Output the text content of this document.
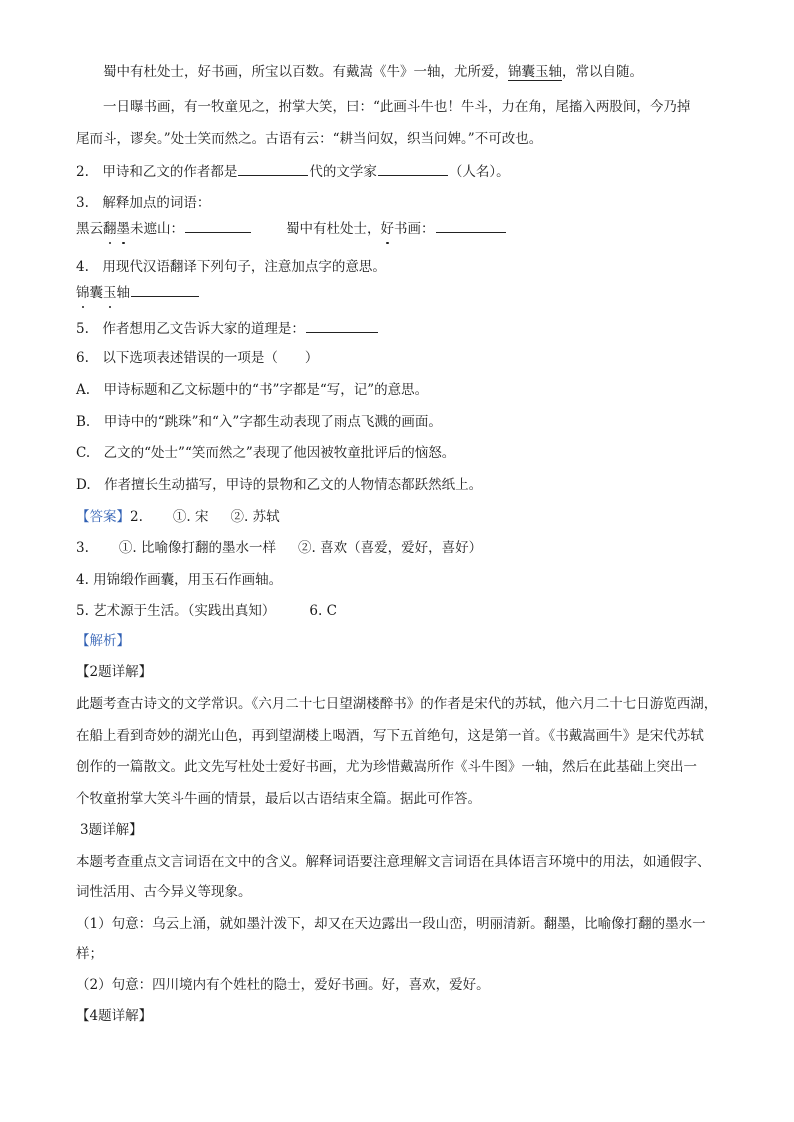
蜀中有杜处士，好书画，所宝以百数。有戴嵩《牛》一轴，尤所爱，锦囊玉轴，常以自随。
一日曝书画，有一牧童见之，拊掌大笑，曰：“此画斗牛也！牛斗，力在角，尾搐入两股间，今乃掉
尾而斗，谬矣。”处士笑而然之。古语有云：“耕当问奴，织当问婢。”不可改也。
2.　甲诗和乙文的作者都是	代的文学家	（人名）。
3.　解释加点的词语：
黑云翻墨未遮山：	蜀中有杜处士，好书画：
4.　用现代汉语翻译下列句子，注意加点字的意思。
锦囊玉轴
5.　作者想用乙文告诉大家的道理是：
6.　以下选项表述错误的一项是（　　）
A.　甲诗标题和乙文标题中的“书”字都是“写，记”的意思。
B.　甲诗中的“跳珠”和“入”字都生动表现了雨点飞溅的画面。
C.　乙文的“处士”“笑而然之”表现了他因被牧童批评后的恼怒。
D.　作者擅长生动描写，甲诗的景物和乙文的人物情态都跃然纸上。
【答案】2. ①. 宋 ②. 苏轼
3. ①. 比喻像打翻的墨水一样 ②. 喜欢（喜爱，爱好，喜好）
4. 用锦缎作画囊，用玉石作画轴。
5. 艺术源于生活。（实践出真知）	6. C
【解析】
【2题详解】
此题考查古诗文的文学常识。《六月二十七日望湖楼醉书》的作者是宋代的苏轼，他六月二十七日游览西湖，
在船上看到奇妙的湖光山色，再到望湖楼上喝酒，写下五首绝句，这是第一首。《书戴嵩画牛》是宋代苏轼
创作的一篇散文。此文先写杜处士爱好书画，尤为珍惜戴嵩所作《斗牛图》一轴，然后在此基础上突出一
个牧童拊掌大笑斗牛画的情景，最后以古语结束全篇。据此可作答。
3题详解】
本题考查重点文言词语在文中的含义。解释词语要注意理解文言词语在具体语言环境中的用法，如通假字、
词性活用、古今异义等现象。
（1）句意：乌云上涌，就如墨汁泼下，却又在天边露出一段山峦，明丽清新。翻墨，比喻像打翻的墨水一
样；
（2）句意：四川境内有个姓杜的隐士，爱好书画。好，喜欢，爱好。
【4题详解】
